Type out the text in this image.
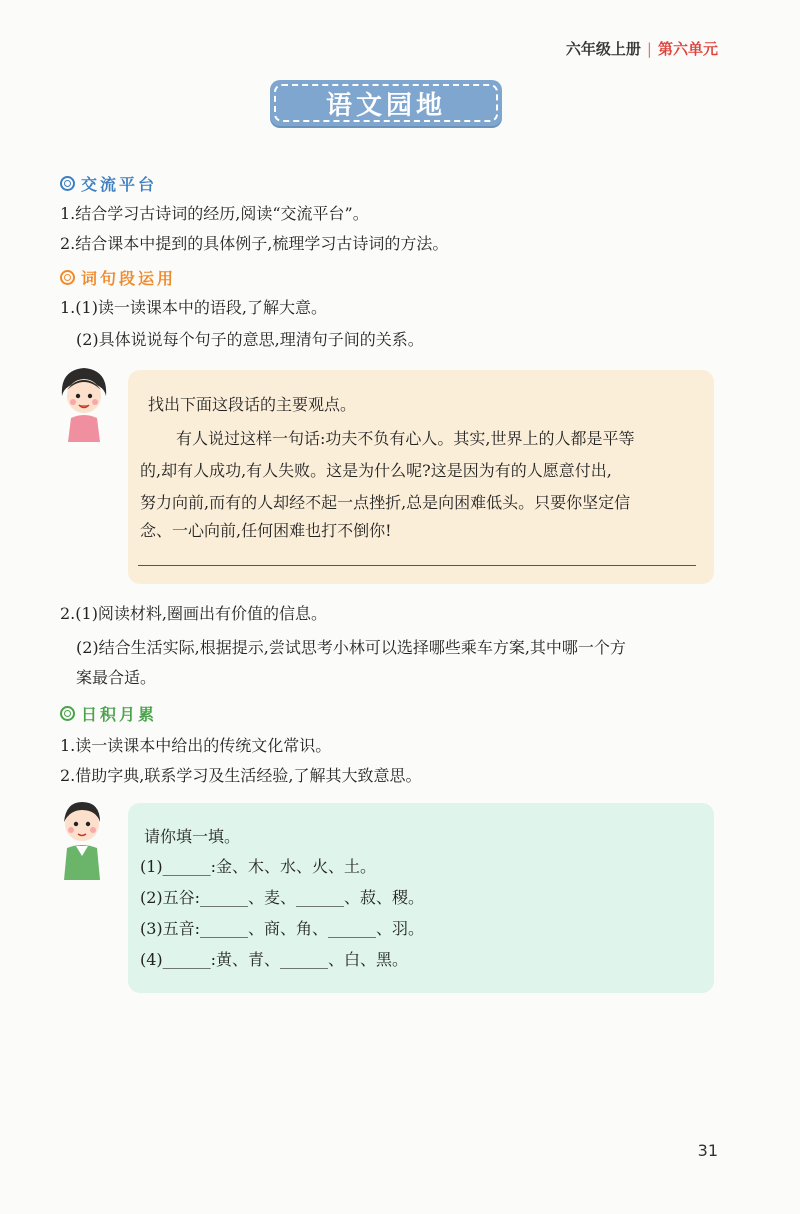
六年级上册 | 第六单元
语文园地
交流平台
1.结合学习古诗词的经历,阅读“交流平台”。
2.结合课本中提到的具体例子,梳理学习古诗词的方法。
词句段运用
1.(1)读一读课本中的语段,了解大意。
(2)具体说说每个句子的意思,理清句子间的关系。
找出下面这段话的主要观点。
有人说过这样一句话:功夫不负有心人。其实,世界上的人都是平等
的,却有人成功,有人失败。这是为什么呢?这是因为有的人愿意付出,
努力向前,而有的人却经不起一点挫折,总是向困难低头。只要你坚定信
念、一心向前,任何困难也打不倒你!
2.(1)阅读材料,圈画出有价值的信息。
(2)结合生活实际,根据提示,尝试思考小林可以选择哪些乘车方案,其中哪一个方
案最合适。
日积月累
1.读一读课本中给出的传统文化常识。
2.借助字典,联系学习及生活经验,了解其大致意思。
请你填一填。
(1)______:金、木、水、火、土。
(2)五谷:______、麦、______、菽、稷。
(3)五音:______、商、角、______、羽。
(4)______:黄、青、______、白、黑。
31
